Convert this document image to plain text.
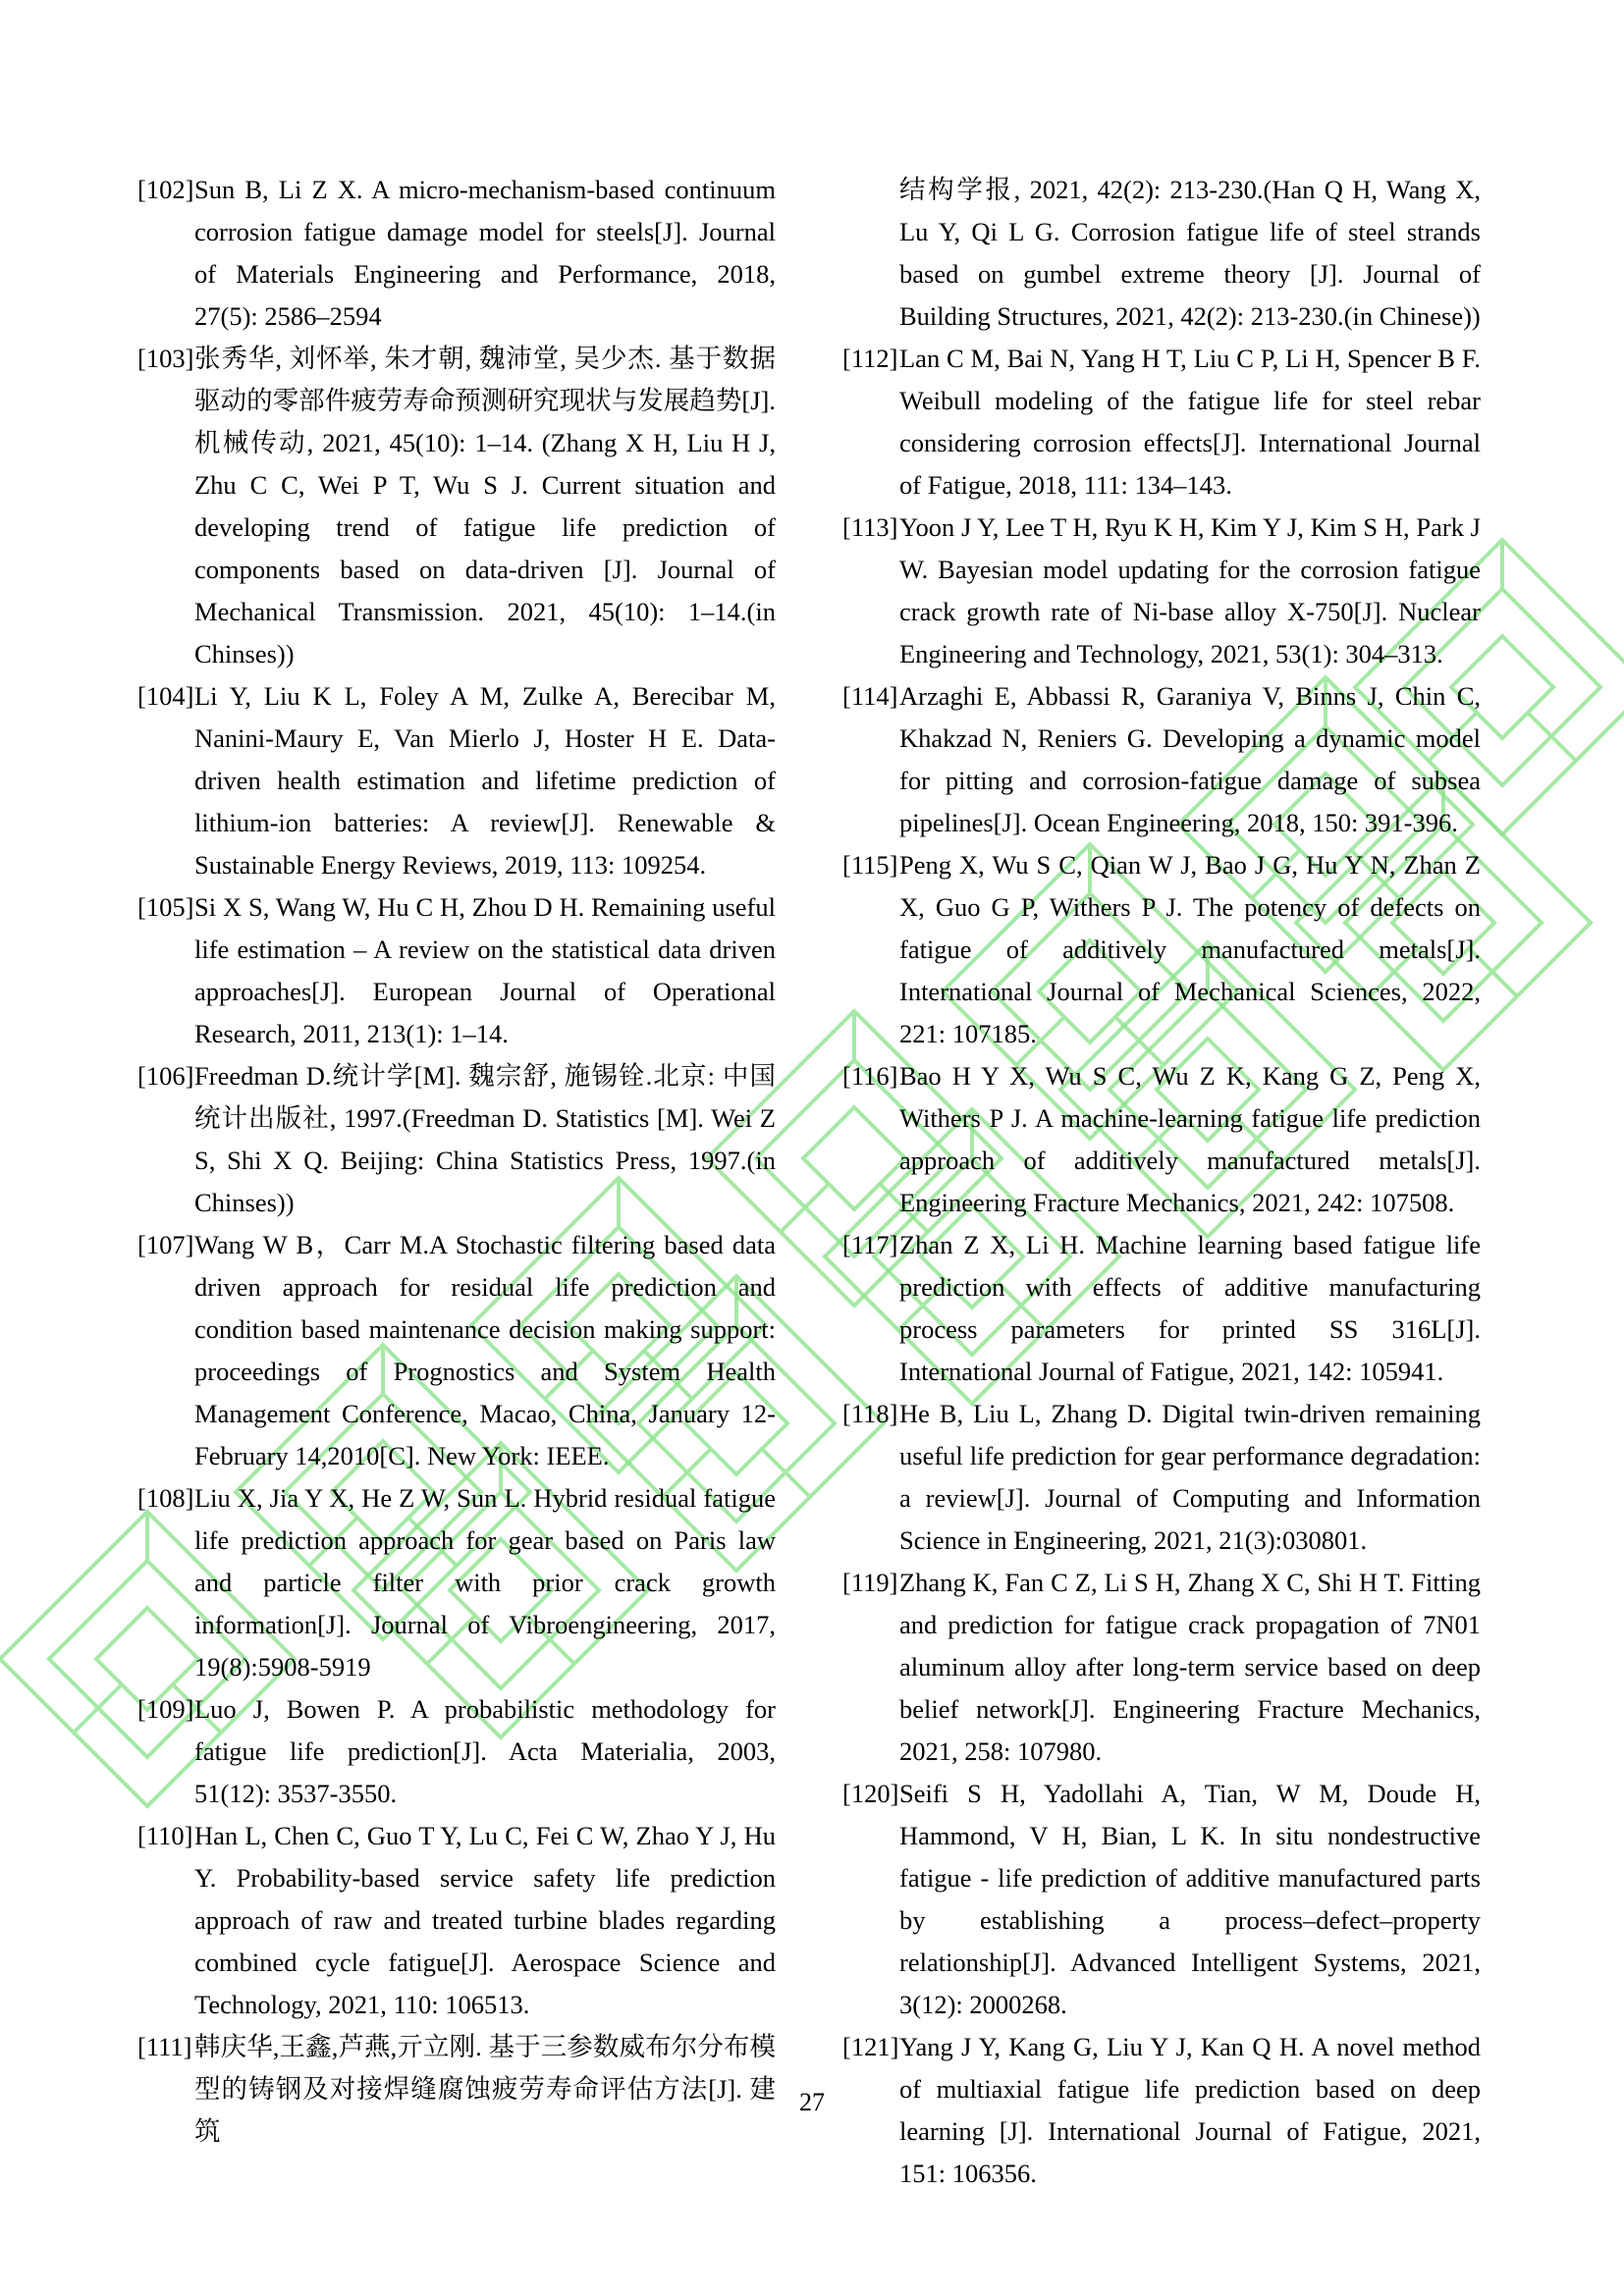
[102] Sun B, Li Z X. A micro-mechanism-based continuum corrosion fatigue damage model for steels[J]. Journal of Materials Engineering and Performance, 2018, 27(5): 2586–2594
[103] 张秀华, 刘怀举, 朱才朝, 魏沛堂, 吴少杰. 基于数据驱动的零部件疲劳寿命预测研究现状与发展趋势[J]. 机械传动, 2021, 45(10): 1–14. (Zhang X H, Liu H J, Zhu C C, Wei P T, Wu S J. Current situation and developing trend of fatigue life prediction of components based on data-driven [J]. Journal of Mechanical Transmission. 2021, 45(10): 1–14.(in Chinses))
[104] Li Y, Liu K L, Foley A M, Zulke A, Berecibar M, Nanini-Maury E, Van Mierlo J, Hoster H E. Data-driven health estimation and lifetime prediction of lithium-ion batteries: A review[J]. Renewable & Sustainable Energy Reviews, 2019, 113: 109254.
[105] Si X S, Wang W, Hu C H, Zhou D H. Remaining useful life estimation – A review on the statistical data driven approaches[J]. European Journal of Operational Research, 2011, 213(1): 1–14.
[106] Freedman D.统计学[M]. 魏宗舒, 施锡铨.北京: 中国统计出版社, 1997.(Freedman D. Statistics [M]. Wei Z S, Shi X Q. Beijing: China Statistics Press, 1997.(in Chinses))
[107] Wang W B，Carr M.A Stochastic filtering based data driven approach for residual life prediction and condition based maintenance decision making support: proceedings of Prognostics and System Health Management Conference, Macao, China, January 12-February 14,2010[C]. New York: IEEE.
[108] Liu X, Jia Y X, He Z W, Sun L. Hybrid residual fatigue life prediction approach for gear based on Paris law and particle filter with prior crack growth information[J]. Journal of Vibroengineering, 2017, 19(8):5908-5919
[109] Luo J, Bowen P. A probabilistic methodology for fatigue life prediction[J]. Acta Materialia, 2003, 51(12): 3537-3550.
[110] Han L, Chen C, Guo T Y, Lu C, Fei C W, Zhao Y J, Hu Y. Probability-based service safety life prediction approach of raw and treated turbine blades regarding combined cycle fatigue[J]. Aerospace Science and Technology, 2021, 110: 106513.
[111] 韩庆华,王鑫,芦燕,亓立刚. 基于三参数威布尔分布模型的铸钢及对接焊缝腐蚀疲劳寿命评估方法[J]. 建筑
结构学报, 2021, 42(2): 213-230.(Han Q H, Wang X, Lu Y, Qi L G. Corrosion fatigue life of steel strands based on gumbel extreme theory [J]. Journal of Building Structures, 2021, 42(2): 213-230.(in Chinese))
[112] Lan C M, Bai N, Yang H T, Liu C P, Li H, Spencer B F. Weibull modeling of the fatigue life for steel rebar considering corrosion effects[J]. International Journal of Fatigue, 2018, 111: 134–143.
[113] Yoon J Y, Lee T H, Ryu K H, Kim Y J, Kim S H, Park J W. Bayesian model updating for the corrosion fatigue crack growth rate of Ni-base alloy X-750[J]. Nuclear Engineering and Technology, 2021, 53(1): 304–313.
[114] Arzaghi E, Abbassi R, Garaniya V, Binns J, Chin C, Khakzad N, Reniers G. Developing a dynamic model for pitting and corrosion-fatigue damage of subsea pipelines[J]. Ocean Engineering, 2018, 150: 391-396.
[115] Peng X, Wu S C, Qian W J, Bao J G, Hu Y N, Zhan Z X, Guo G P, Withers P J. The potency of defects on fatigue of additively manufactured metals[J]. International Journal of Mechanical Sciences, 2022, 221: 107185.
[116] Bao H Y X, Wu S C, Wu Z K, Kang G Z, Peng X, Withers P J. A machine-learning fatigue life prediction approach of additively manufactured metals[J]. Engineering Fracture Mechanics, 2021, 242: 107508.
[117] Zhan Z X, Li H. Machine learning based fatigue life prediction with effects of additive manufacturing process parameters for printed SS 316L[J]. International Journal of Fatigue, 2021, 142: 105941.
[118] He B, Liu L, Zhang D. Digital twin-driven remaining useful life prediction for gear performance degradation: a review[J]. Journal of Computing and Information Science in Engineering, 2021, 21(3):030801.
[119] Zhang K, Fan C Z, Li S H, Zhang X C, Shi H T. Fitting and prediction for fatigue crack propagation of 7N01 aluminum alloy after long-term service based on deep belief network[J]. Engineering Fracture Mechanics, 2021, 258: 107980.
[120] Seifi S H, Yadollahi A, Tian, W M, Doude H, Hammond, V H, Bian, L K. In situ nondestructive fatigue - life prediction of additive manufactured parts by establishing a process–defect–property relationship[J]. Advanced Intelligent Systems, 2021, 3(12): 2000268.
[121] Yang J Y, Kang G, Liu Y J, Kan Q H. A novel method of multiaxial fatigue life prediction based on deep learning [J]. International Journal of Fatigue, 2021, 151: 106356.
27
